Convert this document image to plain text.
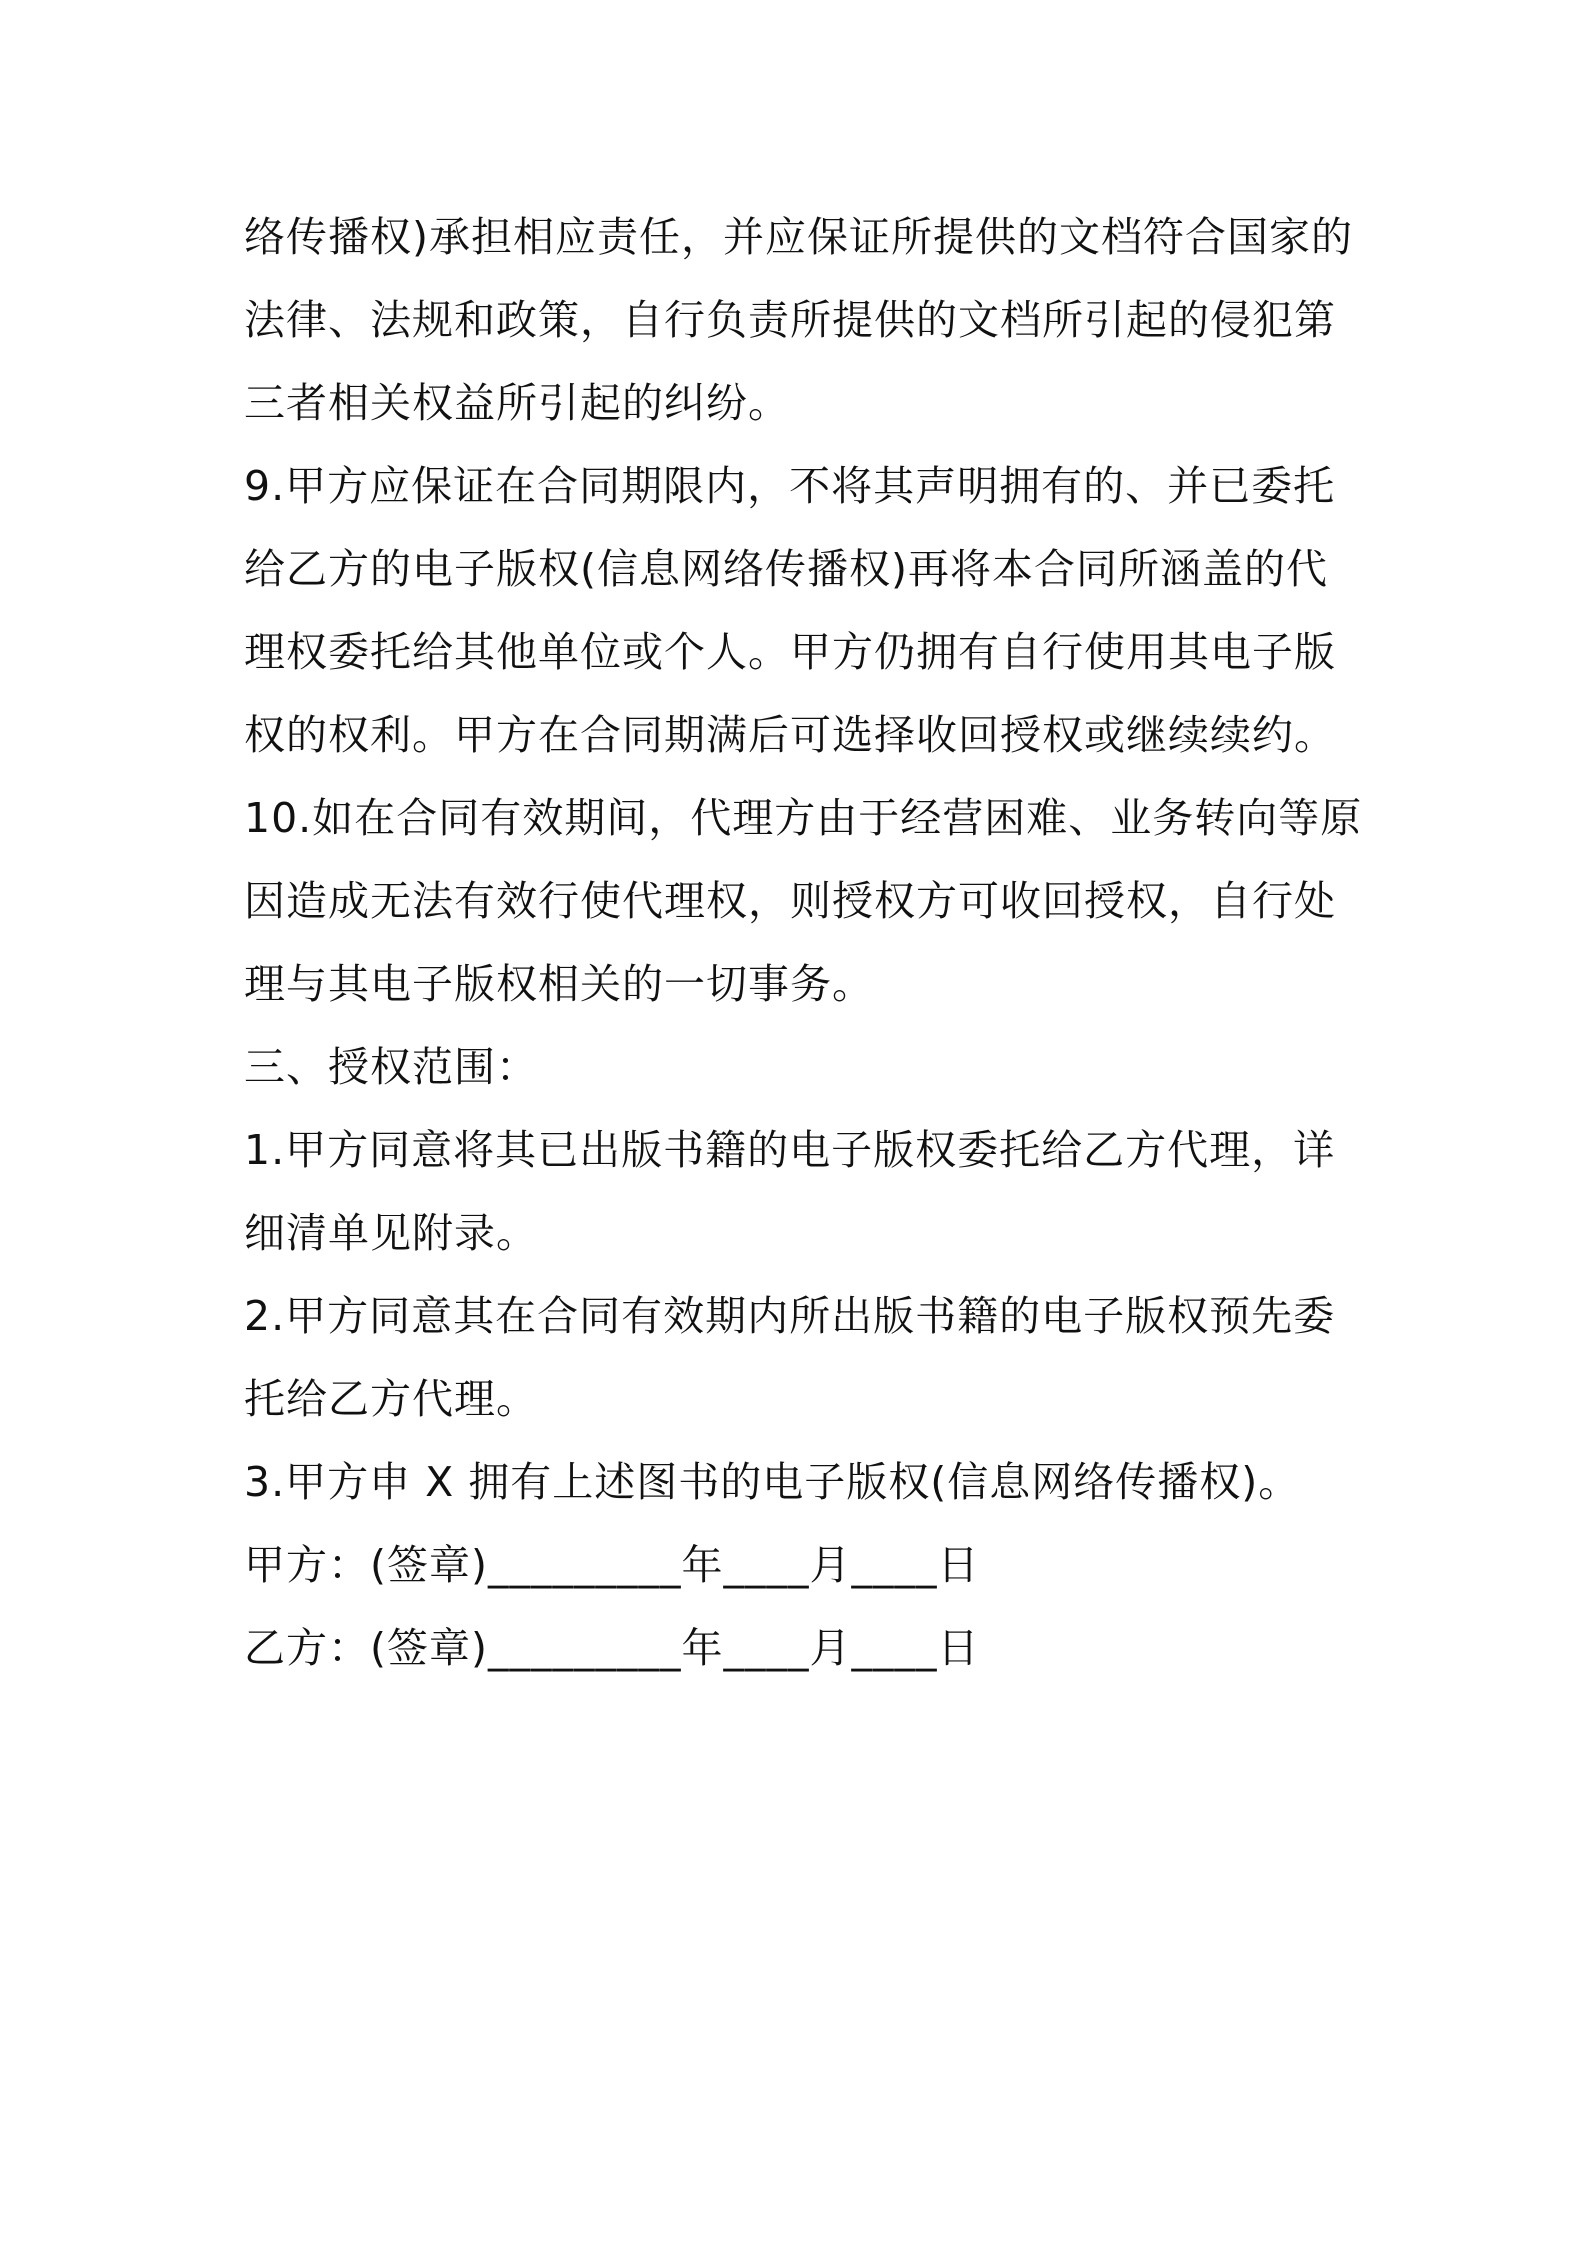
络传播权)承担相应责任，并应保证所提供的文档符合国家的
法律、法规和政策，自行负责所提供的文档所引起的侵犯第
三者相关权益所引起的纠纷。
9.甲方应保证在合同期限内，不将其声明拥有的、并已委托
给乙方的电子版权(信息网络传播权)再将本合同所涵盖的代
理权委托给其他单位或个人。甲方仍拥有自行使用其电子版
权的权利。甲方在合同期满后可选择收回授权或继续续约。
10.如在合同有效期间，代理方由于经营困难、业务转向等原
因造成无法有效行使代理权，则授权方可收回授权，自行处
理与其电子版权相关的一切事务。
三、授权范围：
1.甲方同意将其已出版书籍的电子版权委托给乙方代理，详
细清单见附录。
2.甲方同意其在合同有效期内所出版书籍的电子版权预先委
托给乙方代理。
3.甲方申 X 拥有上述图书的电子版权(信息网络传播权)。
甲方：(签章)_________年____月____日
乙方：(签章)_________年____月____日
